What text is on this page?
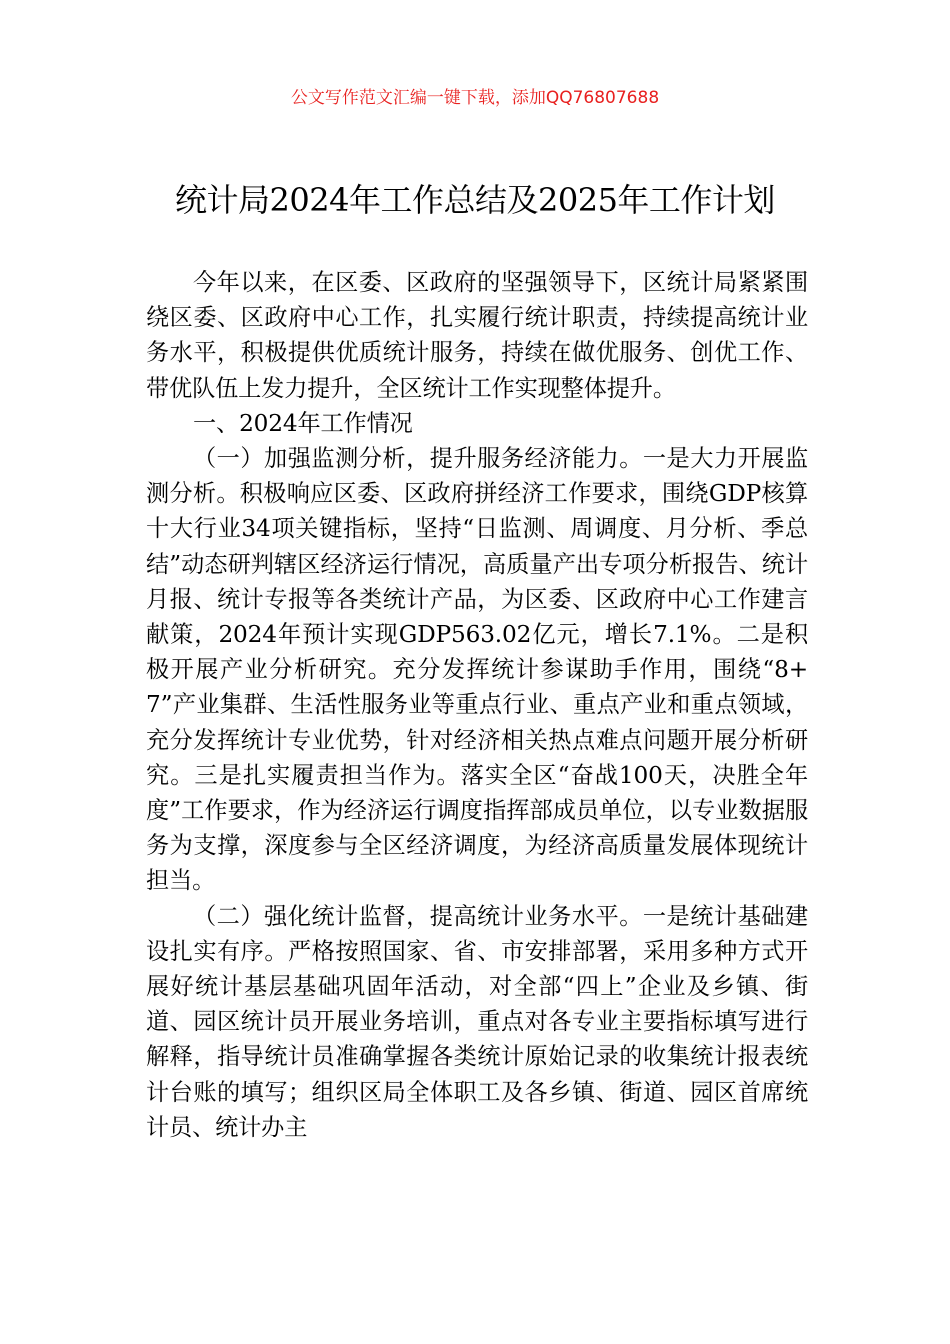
公文写作范文汇编一键下载，添加QQ76807688
统计局2024年工作总结及2025年工作计划

今年以来，在区委、区政府的坚强领导下，区统计局紧紧围绕区委、区政府中心工作，扎实履行统计职责，持续提高统计业务水平，积极提供优质统计服务，持续在做优服务、创优工作、带优队伍上发力提升，全区统计工作实现整体提升。

一、2024年工作情况

（一）加强监测分析，提升服务经济能力。一是大力开展监测分析。积极响应区委、区政府拼经济工作要求，围绕GDP核算十大行业34项关键指标，坚持“日监测、周调度、月分析、季总结”动态研判辖区经济运行情况，高质量产出专项分析报告、统计月报、统计专报等各类统计产品，为区委、区政府中心工作建言献策，2024年预计实现GDP563.02亿元，增长7.1%。二是积极开展产业分析研究。充分发挥统计参谋助手作用，围绕“8+7”产业集群、生活性服务业等重点行业、重点产业和重点领域，充分发挥统计专业优势，针对经济相关热点难点问题开展分析研究。三是扎实履责担当作为。落实全区“奋战100天，决胜全年度”工作要求，作为经济运行调度指挥部成员单位，以专业数据服务为支撑，深度参与全区经济调度，为经济高质量发展体现统计担当。

（二）强化统计监督，提高统计业务水平。一是统计基础建设扎实有序。严格按照国家、省、市安排部署，采用多种方式开展好统计基层基础巩固年活动，对全部“四上”企业及乡镇、街道、园区统计员开展业务培训，重点对各专业主要指标填写进行解释，指导统计员准确掌握各类统计原始记录的收集统计报表统计台账的填写；组织区局全体职工及各乡镇、街道、园区首席统计员、统计办主
